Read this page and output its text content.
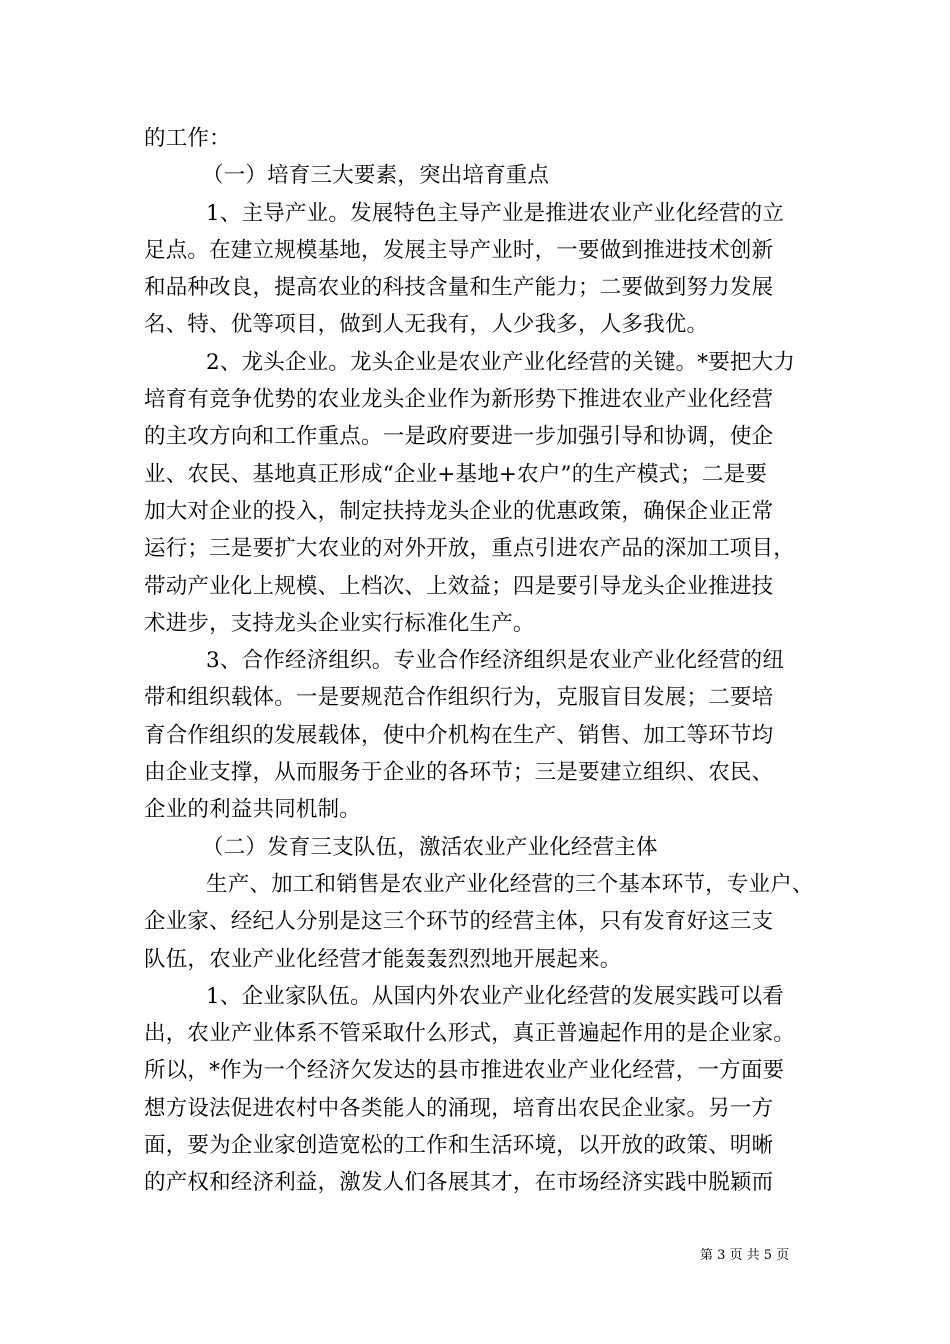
的工作：
（一）培育三大要素，突出培育重点
1、主导产业。发展特色主导产业是推进农业产业化经营的立
足点。在建立规模基地，发展主导产业时，一要做到推进技术创新
和品种改良，提高农业的科技含量和生产能力；二要做到努力发展
名、特、优等项目，做到人无我有，人少我多，人多我优。
2、龙头企业。龙头企业是农业产业化经营的关键。*要把大力
培育有竞争优势的农业龙头企业作为新形势下推进农业产业化经营
的主攻方向和工作重点。一是政府要进一步加强引导和协调，使企
业、农民、基地真正形成“企业+基地+农户”的生产模式；二是要
加大对企业的投入，制定扶持龙头企业的优惠政策，确保企业正常
运行；三是要扩大农业的对外开放，重点引进农产品的深加工项目，
带动产业化上规模、上档次、上效益；四是要引导龙头企业推进技
术进步，支持龙头企业实行标准化生产。
3、合作经济组织。专业合作经济组织是农业产业化经营的纽
带和组织载体。一是要规范合作组织行为，克服盲目发展；二要培
育合作组织的发展载体，使中介机构在生产、销售、加工等环节均
由企业支撑，从而服务于企业的各环节；三是要建立组织、农民、
企业的利益共同机制。
（二）发育三支队伍，激活农业产业化经营主体
生产、加工和销售是农业产业化经营的三个基本环节，专业户、
企业家、经纪人分别是这三个环节的经营主体，只有发育好这三支
队伍，农业产业化经营才能轰轰烈烈地开展起来。
1、企业家队伍。从国内外农业产业化经营的发展实践可以看
出，农业产业体系不管采取什么形式，真正普遍起作用的是企业家。
所以，*作为一个经济欠发达的县市推进农业产业化经营，一方面要
想方设法促进农村中各类能人的涌现，培育出农民企业家。另一方
面，要为企业家创造宽松的工作和生活环境，以开放的政策、明晰
的产权和经济利益，激发人们各展其才，在市场经济实践中脱颖而
第 3 页 共 5 页
